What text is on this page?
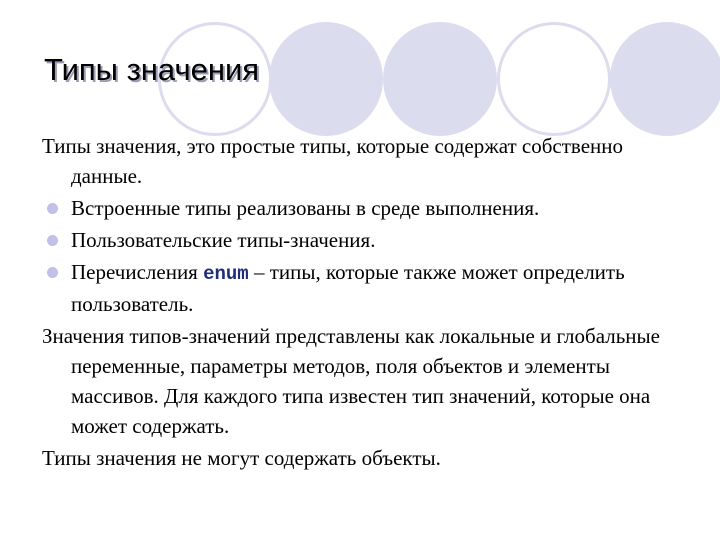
Типы значения
Типы значения, это простые типы, которые содержат собственно данные.
Встроенные типы реализованы в среде выполнения.
Пользовательские типы-значения.
Перечисления enum – типы, которые также может определить пользователь.
Значения типов-значений представлены как локальные и глобальные переменные, параметры методов, поля объектов и элементы массивов. Для каждого типа известен тип значений, которые она может содержать.
Типы значения не могут содержать объекты.
